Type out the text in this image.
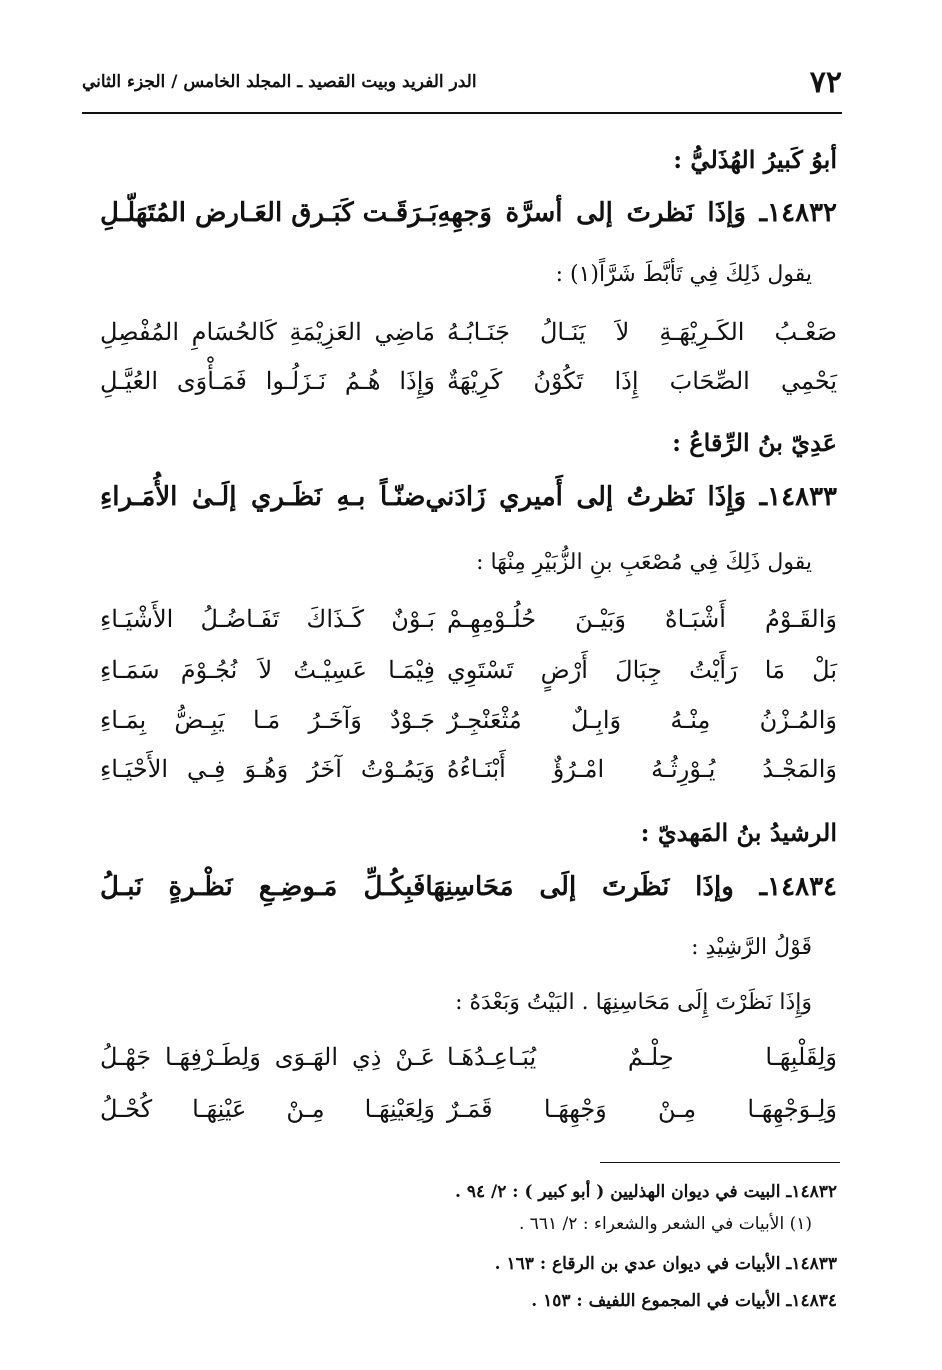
٧٢
الدر الفريد وبيت القصيد ـ المجلد الخامس / الجزء الثاني
أبوُ كَبيرُ الهُذَليُّ :
١٤٨٣٢ـ وَإذَا نَظرتَ إلى أسرَّة وَجهِهِ
بَـرَقَـت كَبَـرق العَـارض المُتَهَلّـلِ
يقول ذَلِكَ فِي تَأبَّطَ شَرَّاً(١) :
صَعْـبُ الكَـرِيْهَـةِ لاَ يَنَـالُ جَنَـابُـهُ
مَاضِي العَزِيْمَةِ كَالحُسَامِ المُفْصِلِ
يَحْمِي الصِّحَابَ إِذَا تَكُوْنُ كَرِيْهَةٌ
وَإِذَا هُـمُ نَـزَلُـوا فَمَـأْوَى العُيَّـلِ
عَدِيّ بنُ الرِّقاعُ :
١٤٨٣٣ـ وَإِذَا نَظرتُ إلى أَميري زَادَني
ضنّـاً بـهِ نَظَـري إلَـىٰ الأُمَـراءِ
يقول ذَلِكَ فِي مُصْعَبِ بنِ الزُّبَيْرِ مِنْهَا :
وَالقَـوْمُ أَشْبَـاهٌ وَبَيْـنَ حُلُـوْمِهِـمْ
بَـوْنٌ كَـذَاكَ تَفَـاضُـلُ الأَشْيَـاءِ
بَلْ مَا رَأَيْتُ جِبَالَ أَرْضٍ تَسْتَوِي
فِيْمَـا عَسِيْـتُ لاَ نُجُـوْمَ سَمَـاءِ
وَالمُـزْنُ مِنْـهُ وَابِـلٌ مُثْعَنْجِـرٌ
جَـوْدٌ وَآخَـرُ مَـا يَبِـضُّ بِمَـاءِ
وَالمَجْـدُ يُـوْرِثُـهُ امْـرُؤٌ أَبْنَـاءُهُ
وَيَمُـوْتُ آخَرُ وَهُـوَ فِـي الأَحْيَـاءِ
الرشيدُ بنُ المَهديّ :
١٤٨٣٤ـ وإذَا نَظَرتَ إلَى مَحَاسِنِهَا
فَبِكُـلِّ مَـوضِـعِ نَظْـرةٍ نَبـلُ
قَوْلُ الرَّشِيْدِ :
وَإِذَا نَظَرْتَ إِلَى مَحَاسِنِهَا . البَيْتُ وَبَعْدَهُ :
وَلِقَلْبِهَـا حِلْـمٌ يُبَـاعِـدُهَـا
عَـنْ ذِي الهَـوَى وَلِطَـرْفِهَـا جَهْـلُ
وَلِـوَجْهِهَـا مِـنْ وَجْهِهَـا قَمَـرٌ
وَلِعَيْنِهَـا مِـنْ عَيْنِهَـا كُحْـلُ
١٤٨٣٢ـ البيت في ديوان الهذليين ( أبو كبير ) : ٢/ ٩٤ .
(١) الأبيات في الشعر والشعراء : ٢/ ٦٦١ .
١٤٨٣٣ـ الأبيات في ديوان عدي بن الرقاع : ١٦٣ .
١٤٨٣٤ـ الأبيات في المجموع اللفيف : ١٥٣ .
